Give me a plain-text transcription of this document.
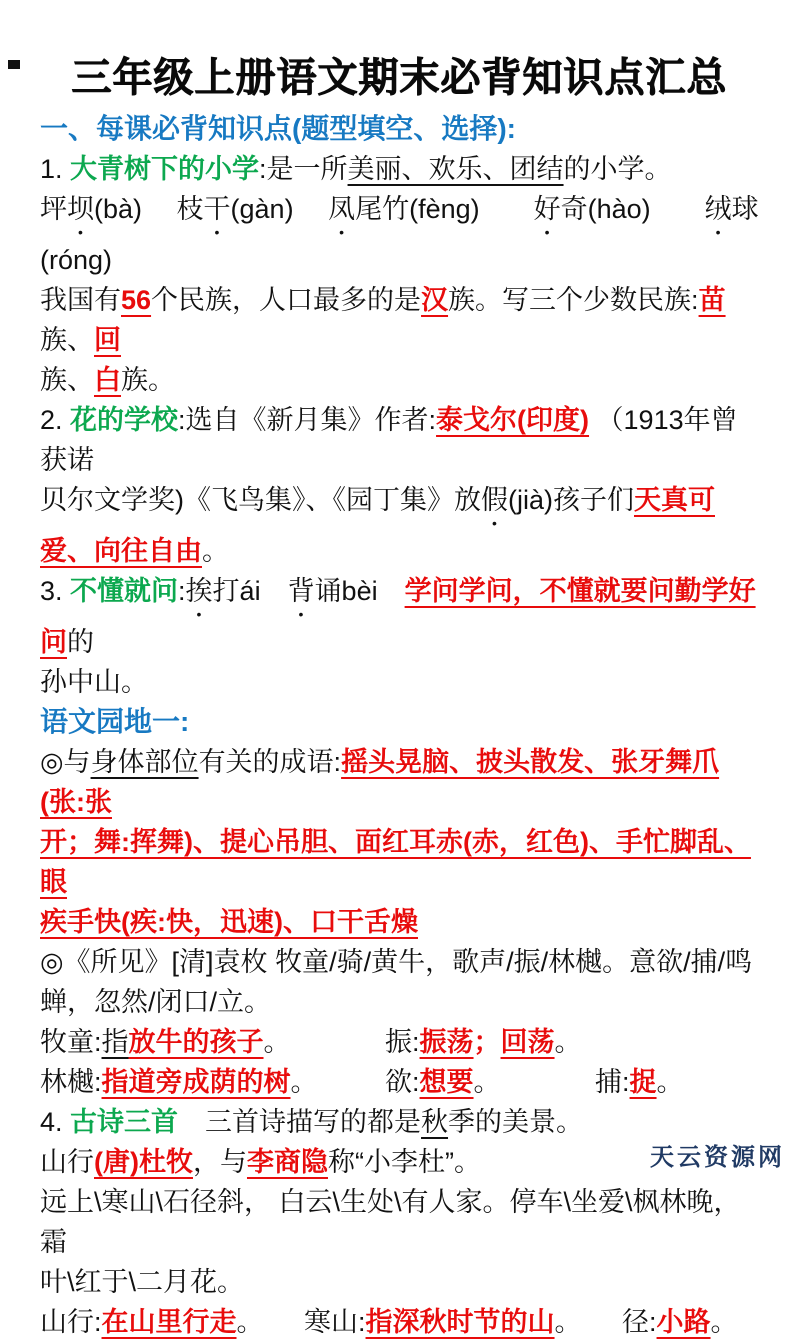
三年级上册语文期末必背知识点汇总

一、每课必背知识点(题型填空、选择):

1. 大青树下的小学:是一所美丽、欢乐、团结的小学。

坪坝(bà)　 枝干(gàn)　 凤尾竹(fèng)　　好奇(hào)　　绒球(róng)

我国有56个民族，人口最多的是汉族。写三个少数民族:苗族、回

族、白族。

2. 花的学校:选自《新月集》作者:泰戈尔(印度) （1913年曾获诺

贝尔文学奖)《飞鸟集》、《园丁集》放假(jià)孩子们天真可

爱、向往自由。

3. 不懂就问:挨打ái　背诵bèi　学问学问，不懂就要问勤学好问的

孙中山。

语文园地一:

◎与身体部位有关的成语:摇头晃脑、披头散发、张牙舞爪(张:张

开；舞:挥舞)、提心吊胆、面红耳赤(赤，红色)、手忙脚乱、眼

疾手快(疾:快，迅速)、口干舌燥

◎《所见》[清]袁枚 牧童/骑/黄牛，歌声/振/林樾。意欲/捕/鸣

蝉，忽然/闭口/立。

牧童:指放牛的孩子。　　　　	振:振荡；回荡。

林樾:指道旁成荫的树。　　　	欲:想要。　　　　	捕:捉。

4. 古诗三首　三首诗描写的都是秋季的美景。

山行(唐)杜牧，与李商隐称“小李杜”。

远上\寒山\石径斜， 白云\生处\有人家。停车\坐爱\枫林晚，霜

叶\红于\二月花。

山行:在山里行走。　　 寒山:指深秋时节的山。　　 径:小路。

天云资源网
